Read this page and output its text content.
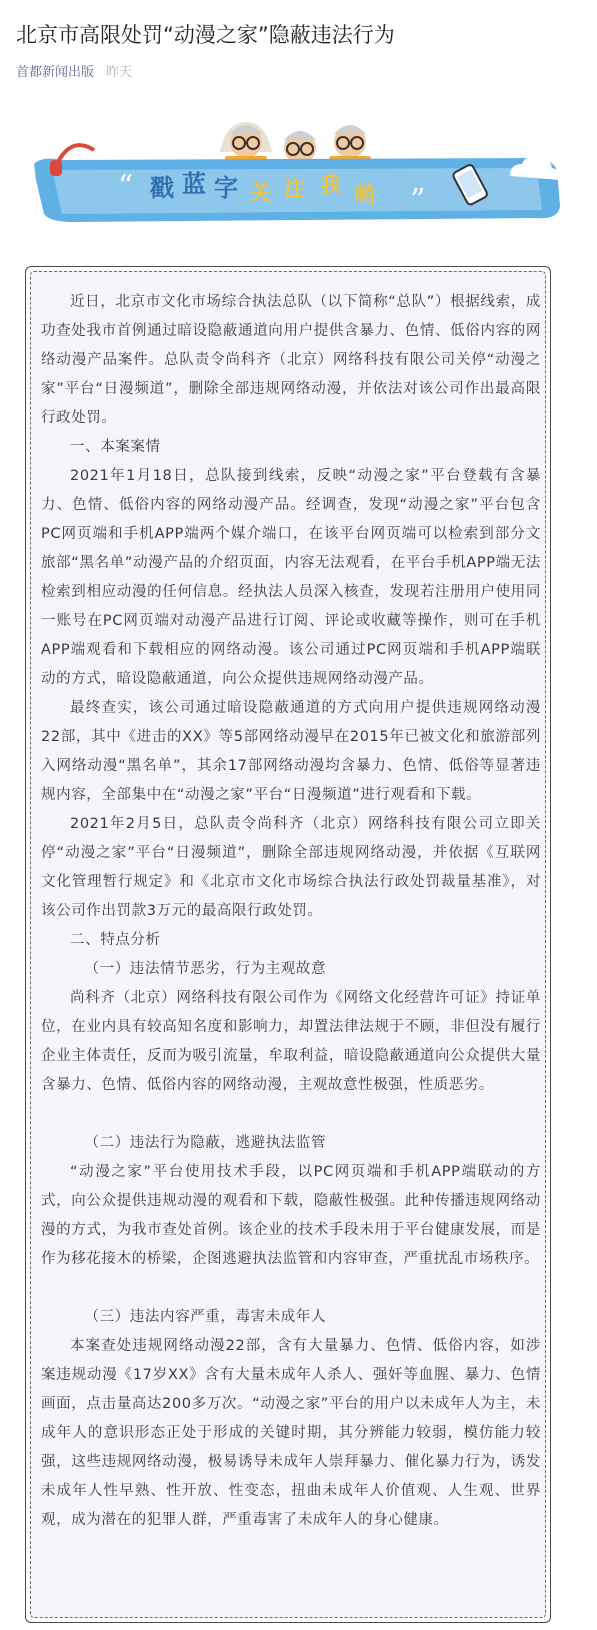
北京市高限处罚“动漫之家”隐蔽违法行为
首都新闻出版 昨天
“	”
戳 蓝 字 关 注 我 哟

近日，北京市文化市场综合执法总队（以下简称“总队”）根据线索，成功查处我市首例通过暗设隐蔽通道向用户提供含暴力、色情、低俗内容的网络动漫产品案件。总队责令尚科齐（北京）网络科技有限公司关停“动漫之家”平台“日漫频道”，删除全部违规网络动漫，并依法对该公司作出最高限行政处罚。

一、本案案情

2021年1月18日，总队接到线索，反映“动漫之家”平台登载有含暴力、色情、低俗内容的网络动漫产品。经调查，发现“动漫之家”平台包含PC网页端和手机APP端两个媒介端口，在该平台网页端可以检索到部分文旅部“黑名单”动漫产品的介绍页面，内容无法观看，在平台手机APP端无法检索到相应动漫的任何信息。经执法人员深入核查，发现若注册用户使用同一账号在PC网页端对动漫产品进行订阅、评论或收藏等操作，则可在手机APP端观看和下载相应的网络动漫。该公司通过PC网页端和手机APP端联动的方式，暗设隐蔽通道，向公众提供违规网络动漫产品。

最终查实，该公司通过暗设隐蔽通道的方式向用户提供违规网络动漫22部，其中《进击的XX》等5部网络动漫早在2015年已被文化和旅游部列入网络动漫“黑名单”，其余17部网络动漫均含暴力、色情、低俗等显著违规内容，全部集中在“动漫之家”平台“日漫频道”进行观看和下载。

2021年2月5日，总队责令尚科齐（北京）网络科技有限公司立即关停“动漫之家”平台“日漫频道”，删除全部违规网络动漫，并依据《互联网文化管理暂行规定》和《北京市文化市场综合执法行政处罚裁量基准》，对该公司作出罚款3万元的最高限行政处罚。

二、特点分析

（一）违法情节恶劣，行为主观故意

尚科齐（北京）网络科技有限公司作为《网络文化经营许可证》持证单位，在业内具有较高知名度和影响力，却置法律法规于不顾，非但没有履行企业主体责任，反而为吸引流量，牟取利益，暗设隐蔽通道向公众提供大量含暴力、色情、低俗内容的网络动漫，主观故意性极强，性质恶劣。

（二）违法行为隐蔽，逃避执法监管

“动漫之家”平台使用技术手段，以PC网页端和手机APP端联动的方式，向公众提供违规动漫的观看和下载，隐蔽性极强。此种传播违规网络动漫的方式，为我市查处首例。该企业的技术手段未用于平台健康发展，而是作为移花接木的桥梁，企图逃避执法监管和内容审查，严重扰乱市场秩序。

（三）违法内容严重，毒害未成年人

本案查处违规网络动漫22部，含有大量暴力、色情、低俗内容，如涉案违规动漫《17岁XX》含有大量未成年人杀人、强奸等血腥、暴力、色情画面，点击量高达200多万次。“动漫之家”平台的用户以未成年人为主，未成年人的意识形态正处于形成的关键时期，其分辨能力较弱，模仿能力较强，这些违规网络动漫，极易诱导未成年人崇拜暴力、催化暴力行为，诱发未成年人性早熟、性开放、性变态，扭曲未成年人价值观、人生观、世界观，成为潜在的犯罪人群，严重毒害了未成年人的身心健康。
